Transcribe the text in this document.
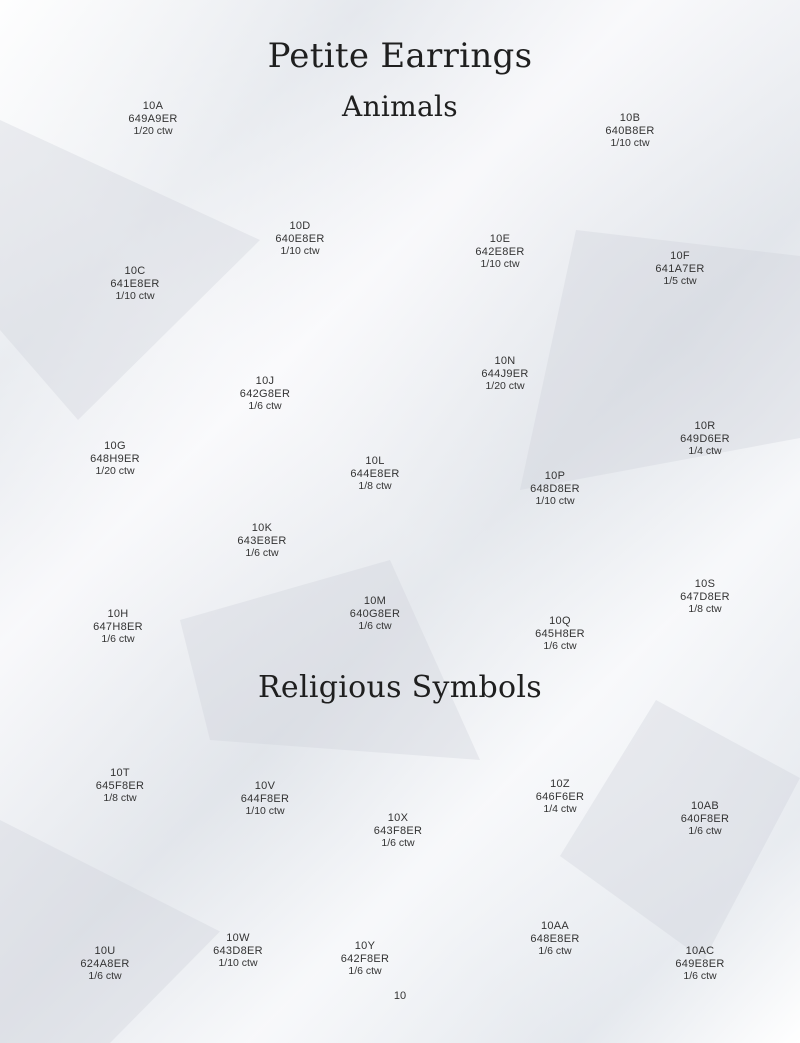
Petite Earrings
Animals
Religious Symbols
10A
649A9ER
1/20 ctw
10B
640B8ER
1/10 ctw
10C
641E8ER
1/10 ctw
10D
640E8ER
1/10 ctw
10E
642E8ER
1/10 ctw
10F
641A7ER
1/5 ctw
10J
642G8ER
1/6 ctw
10N
644J9ER
1/20 ctw
10G
648H9ER
1/20 ctw
10L
644E8ER
1/8 ctw
10R
649D6ER
1/4 ctw
10P
648D8ER
1/10 ctw
10K
643E8ER
1/6 ctw
10S
647D8ER
1/8 ctw
10H
647H8ER
1/6 ctw
10M
640G8ER
1/6 ctw	10Q
645H8ER
1/6 ctw
10T
645F8ER
1/8 ctw
10V
644F8ER
1/10 ctw
10X
643F8ER
1/6 ctw
10Z
646F6ER
1/4 ctw	10AB
640F8ER
1/6 ctw
10U
624A8ER
1/6 ctw
10W
643D8ER
1/10 ctw
10Y
642F8ER
1/6 ctw
10AA
648E8ER
1/6 ctw	10AC
649E8ER
1/6 ctw
10
